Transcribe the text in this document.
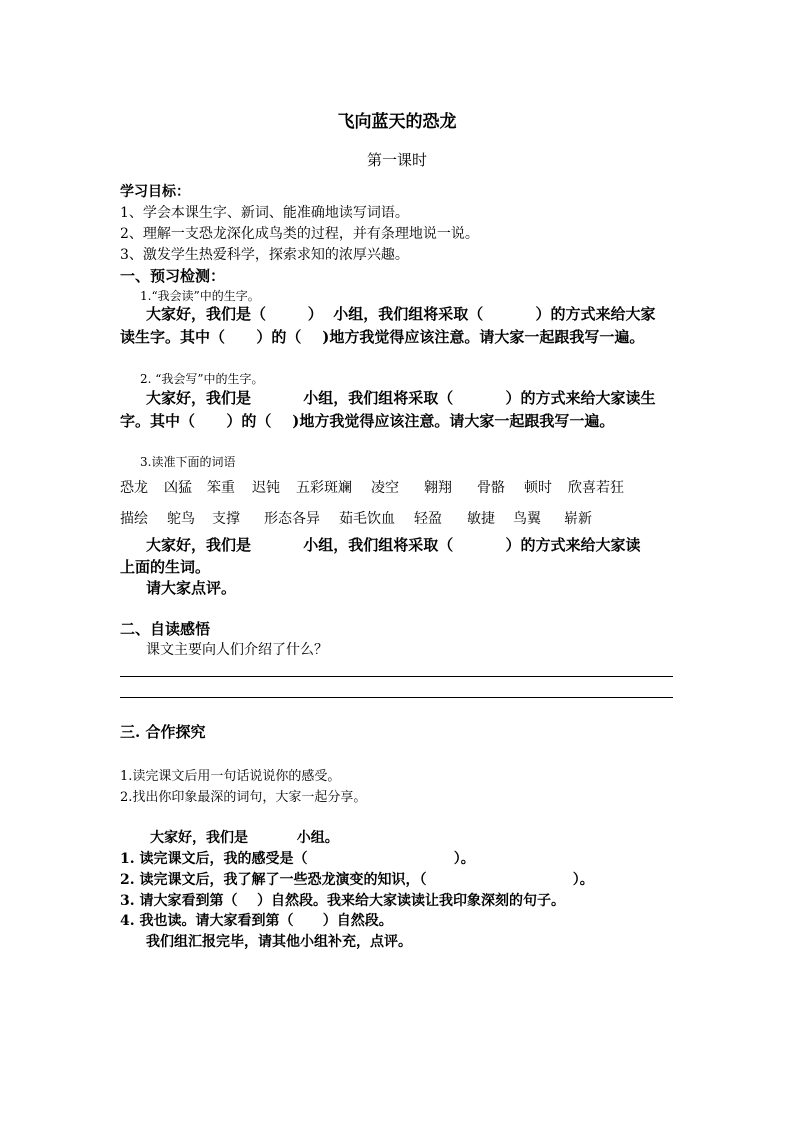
飞向蓝天的恐龙
第一课时
学习目标：
1、学会本课生字、新词、能准确地读写词语。
2、理解一支恐龙深化成鸟类的过程，并有条理地说一说。
3、激发学生热爱科学，探索求知的浓厚兴趣。
一、预习检测：
1.“我会读”中的生字。
大家好，我们是（        ）  小组，我们组将采取（          ）的方式来给大家
读生字。其中（      ）的（    )地方我觉得应该注意。请大家一起跟我写一遍。
2. “我会写”中的生字。
大家好，我们是          小组，我们组将采取（          ）的方式来给大家读生
字。其中（      ）的（    )地方我觉得应该注意。请大家一起跟我写一遍。
3.读准下面的词语
恐龙 凶猛 笨重 迟钝 五彩斑斓 凌空 翱翔 骨骼 顿时 欣喜若狂
描绘 鸵鸟 支撑 形态各异 茹毛饮血 轻盈 敏捷 鸟翼 崭新
大家好，我们是          小组，我们组将采取（          ）的方式来给大家读
上面的生词。
请大家点评。
二、自读感悟
课文主要向人们介绍了什么？
三. 合作探究
1.读完课文后用一句话说说你的感受。
2.找出你印象最深的词句，大家一起分享。
大家好，我们是          小组。
1. 读完课文后，我的感受是（                              ）。
2. 读完课文后，我了解了一些恐龙演变的知识，（                              ）。
3. 请大家看到第（    ）自然段。我来给大家读读让我印象深刻的句子。
4. 我也读。请大家看到第（      ）自然段。
我们组汇报完毕，请其他小组补充，点评。
